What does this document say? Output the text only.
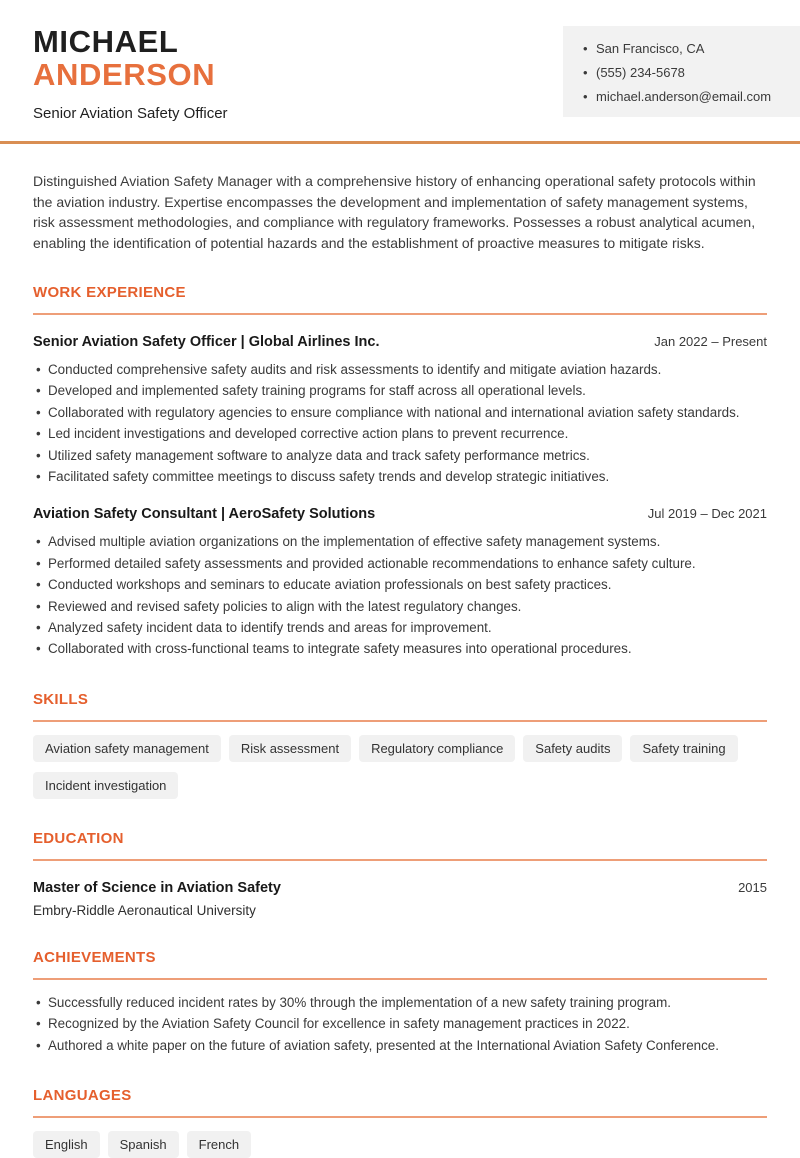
MICHAEL
ANDERSON
Senior Aviation Safety Officer
• San Francisco, CA
• (555) 234-5678
• michael.anderson@email.com

Distinguished Aviation Safety Manager with a comprehensive history of enhancing operational safety protocols within the aviation industry. Expertise encompasses the development and implementation of safety management systems, risk assessment methodologies, and compliance with regulatory frameworks. Possesses a robust analytical acumen, enabling the identification of potential hazards and the establishment of proactive measures to mitigate risks.

WORK EXPERIENCE
Senior Aviation Safety Officer | Global Airlines Inc.	Jan 2022 – Present
• Conducted comprehensive safety audits and risk assessments to identify and mitigate aviation hazards.
• Developed and implemented safety training programs for staff across all operational levels.
• Collaborated with regulatory agencies to ensure compliance with national and international aviation safety standards.
• Led incident investigations and developed corrective action plans to prevent recurrence.
• Utilized safety management software to analyze data and track safety performance metrics.
• Facilitated safety committee meetings to discuss safety trends and develop strategic initiatives.
Aviation Safety Consultant | AeroSafety Solutions	Jul 2019 – Dec 2021
• Advised multiple aviation organizations on the implementation of effective safety management systems.
• Performed detailed safety assessments and provided actionable recommendations to enhance safety culture.
• Conducted workshops and seminars to educate aviation professionals on best safety practices.
• Reviewed and revised safety policies to align with the latest regulatory changes.
• Analyzed safety incident data to identify trends and areas for improvement.
• Collaborated with cross-functional teams to integrate safety measures into operational procedures.
SKILLS
Aviation safety management	Risk assessment	Regulatory compliance	Safety audits	Safety training
Incident investigation
EDUCATION
Master of Science in Aviation Safety	2015
Embry-Riddle Aeronautical University
ACHIEVEMENTS
• Successfully reduced incident rates by 30% through the implementation of a new safety training program.
• Recognized by the Aviation Safety Council for excellence in safety management practices in 2022.
• Authored a white paper on the future of aviation safety, presented at the International Aviation Safety Conference.
LANGUAGES
English	Spanish	French
